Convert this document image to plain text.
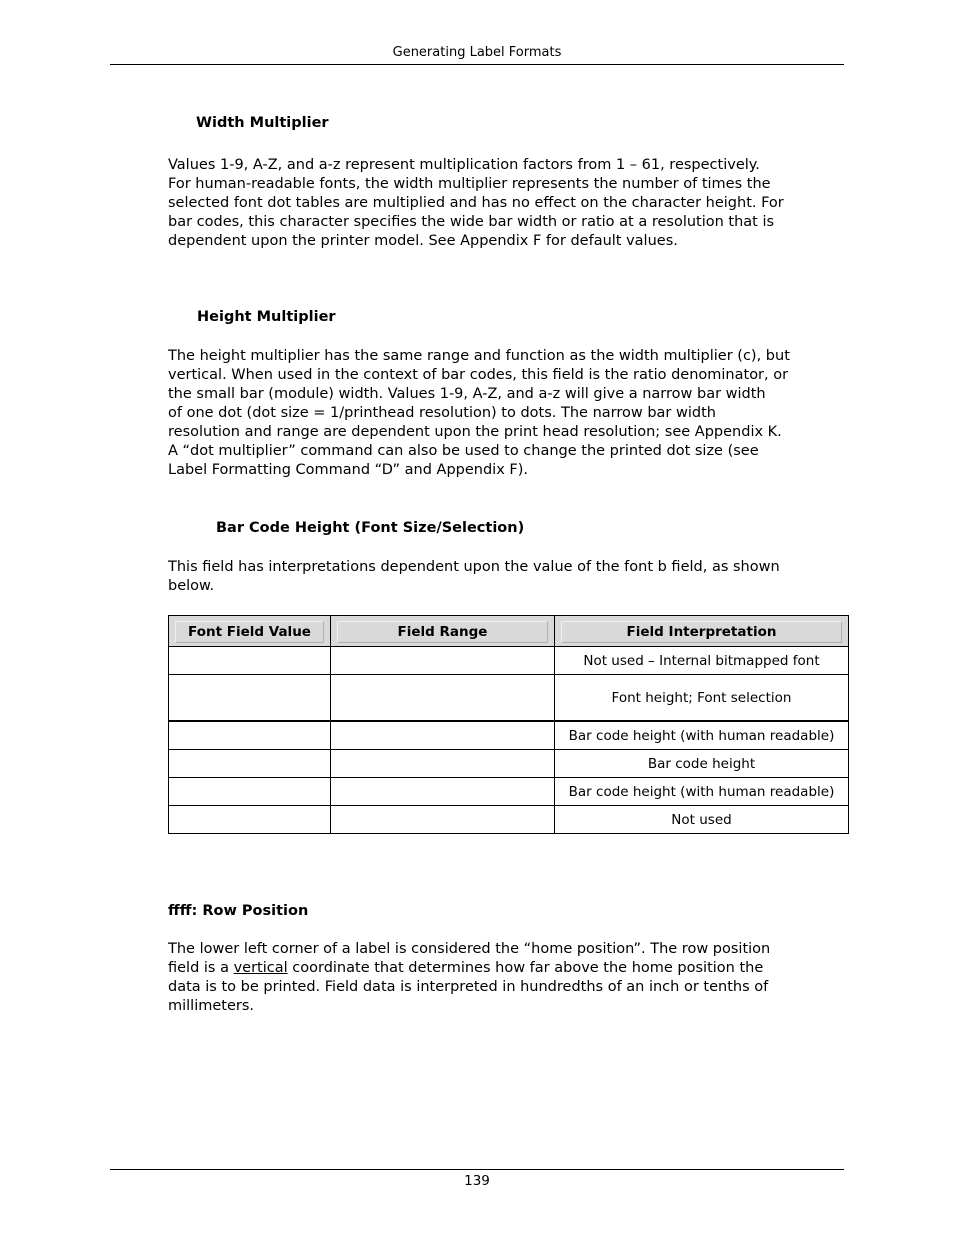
Generating Label Formats
Width Multiplier
Values 1-9, A-Z, and a-z represent multiplication factors from 1 – 61, respectively.
For human-readable fonts, the width multiplier represents the number of times the
selected font dot tables are multiplied and has no effect on the character height. For
bar codes, this character specifies the wide bar width or ratio at a resolution that is
dependent upon the printer model. See Appendix F for default values.
Height Multiplier
The height multiplier has the same range and function as the width multiplier (c), but
vertical. When used in the context of bar codes, this field is the ratio denominator, or
the small bar (module) width. Values 1-9, A-Z, and a-z will give a narrow bar width
of one dot (dot size = 1/printhead resolution) to dots. The narrow bar width
resolution and range are dependent upon the print head resolution; see Appendix K.
A “dot multiplier” command can also be used to change the printed dot size (see
Label Formatting Command “D” and Appendix F).
Bar Code Height (Font Size/Selection)
This field has interpretations dependent upon the value of the font b field, as shown
below.
Font Field Value	Field Range	Field Interpretation

		Not used – Internal bitmapped font
		Font height; Font selection
		Bar code height (with human readable)
		Bar code height
		Bar code height (with human readable)
		Not used
ffff: Row Position
The lower left corner of a label is considered the “home position”. The row position
field is a vertical coordinate that determines how far above the home position the
data is to be printed. Field data is interpreted in hundredths of an inch or tenths of
millimeters.
139
